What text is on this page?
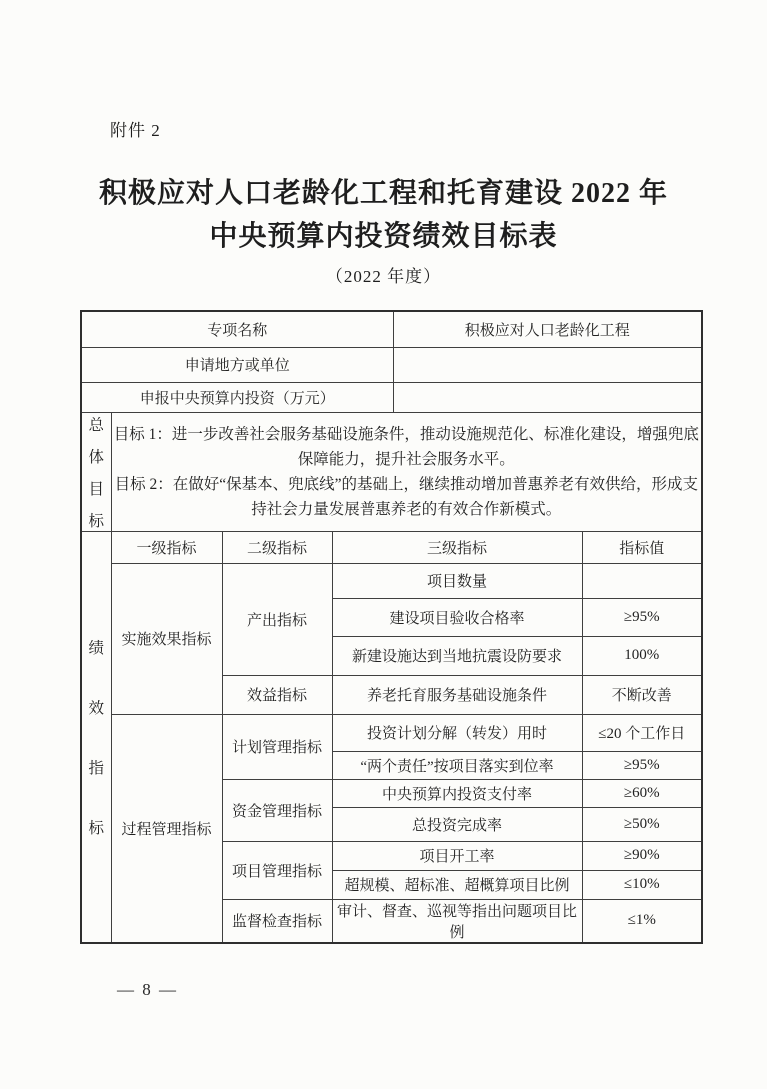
附件 2
积极应对人口老龄化工程和托育建设 2022 年
中央预算内投资绩效目标表
（2022 年度）
专项名称				积极应对人口老龄化工程	
申请地方或单位					
申报中央预算内投资（万元）					

总
体
目
标

目标 1：进一步改善社会服务基础设施条件，推动设施规范化、标准化建设，增强兜底保障能力，提升社会服务水平。
目标 2：在做好“保基本、兜底线”的基础上，继续推动增加普惠养老有效供给，形成支持社会力量发展普惠养老的有效合作新模式。

绩
效
指
标	一级指标	二级指标	三级指标		指标值
	实施效果指标	产出指标	项目数量		
			建设项目验收合格率		≥95%
			新建设施达到当地抗震设防要求		100%
		效益指标	养老托育服务基础设施条件		不断改善
	过程管理指标	计划管理指标	投资计划分解（转发）用时		≤20 个工作日
			“两个责任”按项目落实到位率		≥95%
		资金管理指标	中央预算内投资支付率		≥60%
			总投资完成率		≥50%
		项目管理指标	项目开工率		≥90%
			超规模、超标准、超概算项目比例		≤10%
		监督检查指标	审计、督查、巡视等指出问题项目比例		≤1%
— 8 —
